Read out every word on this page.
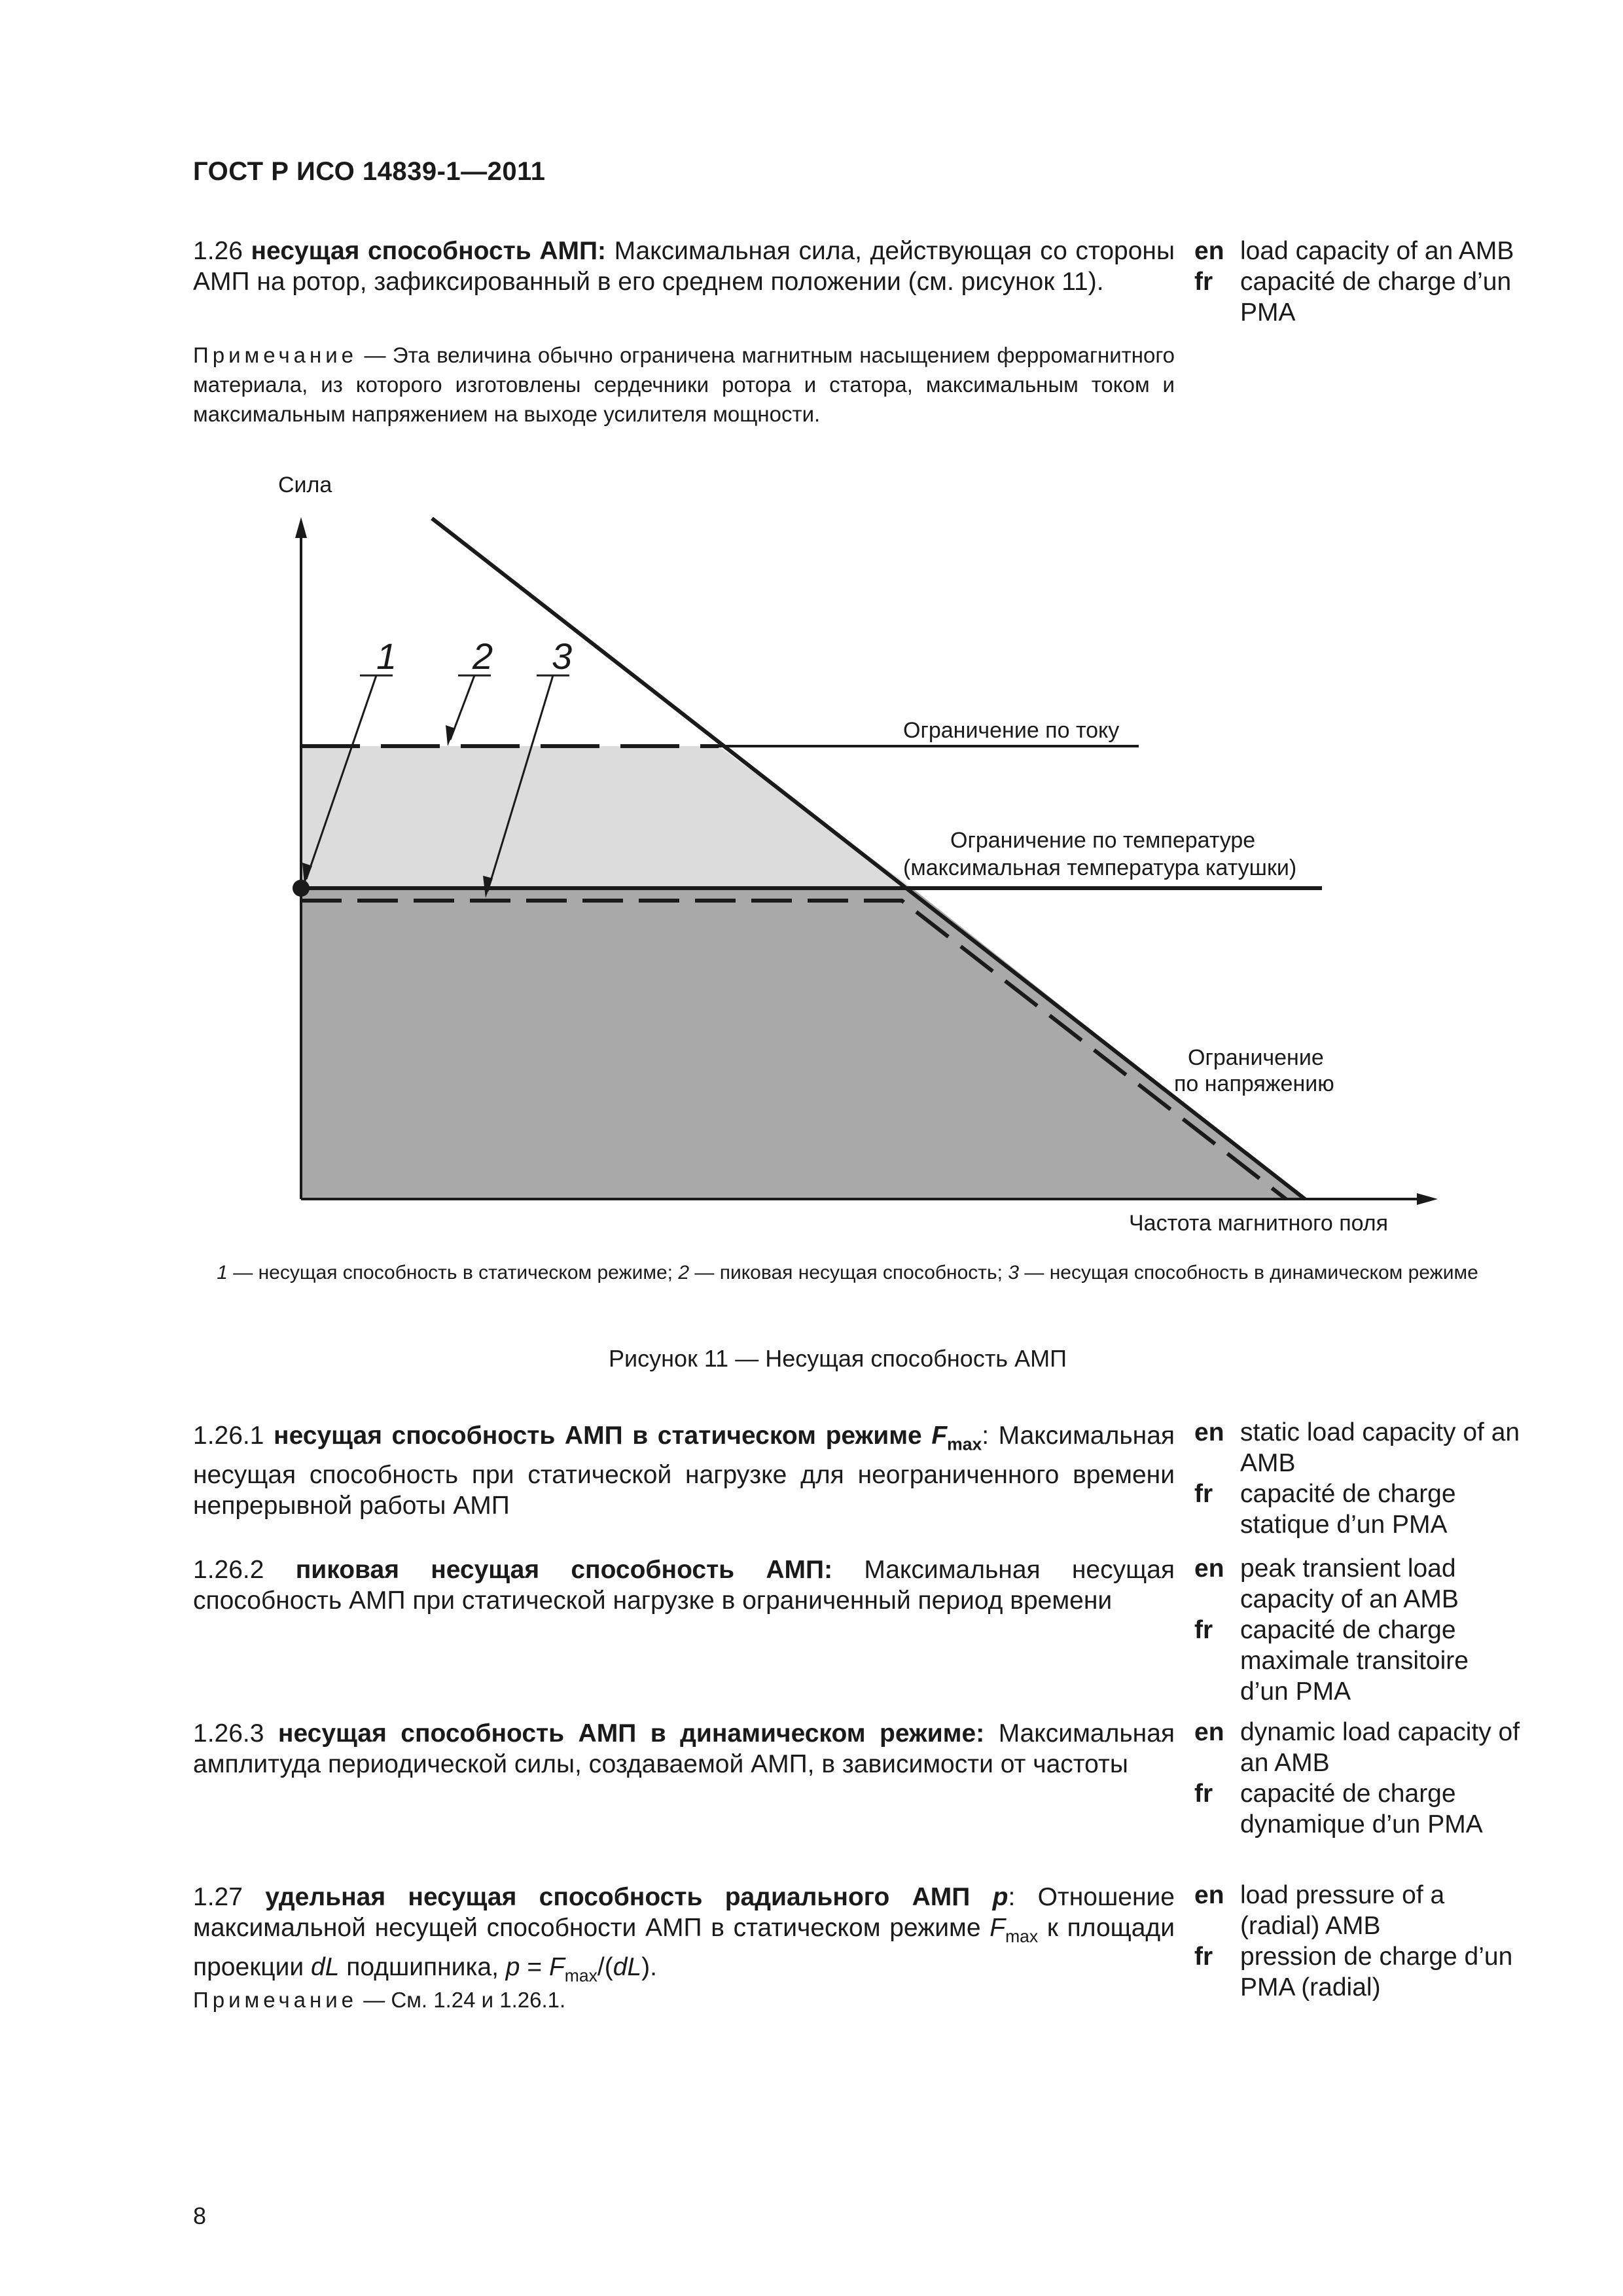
ГОСТ Р ИСО 14839-1—2011
1.26 несущая способность АМП: Максимальная сила, действующая со стороны АМП на ротор, зафиксированный в его среднем положении (см. рисунок 11).
Примечание — Эта величина обычно ограничена магнитным насыщением ферромагнитного материала, из которого изготовлены сердечники ротора и статора, максимальным током и максимальным напряжением на выходе усилителя мощности.
en load capacity of an AMB
fr capacité de charge d’un PMA
Сила
1 2 3
Ограничение по току
Ограничение по температуре
(максимальная температура катушки)
Ограничение
по напряжению
Частота магнитного поля
1 — несущая способность в статическом режиме; 2 — пиковая несущая способность; 3 — несущая способность в динамическом режиме
Рисунок 11 — Несущая способность АМП
1.26.1 несущая способность АМП в статическом режиме $F_{max}$: Максимальная несущая способность при статической нагрузке для неограниченного времени непрерывной работы АМП
en static load capacity of an AMB
fr capacité de charge statique d’un PMA
1.26.2 пиковая несущая способность АМП: Максимальная несущая способность АМП при статической нагрузке в ограниченный период времени
en peak transient load capacity of an AMB
fr capacité de charge maximale transitoire d’un PMA
1.26.3 несущая способность АМП в динамическом режиме: Максимальная амплитуда периодической силы, создаваемой АМП, в зависимости от частоты
en dynamic load capacity of an AMB
fr capacité de charge dynamique d’un PMA
1.27 удельная несущая способность радиального АМП p: Отношение максимальной несущей способности АМП в статическом режиме $F_{max}$ к площади проекции dL подшипника, $p = F_{max}/(dL)$.
Примечание — См. 1.24 и 1.26.1.
en load pressure of a (radial) AMB
fr pression de charge d’un PMA (radial)
8
